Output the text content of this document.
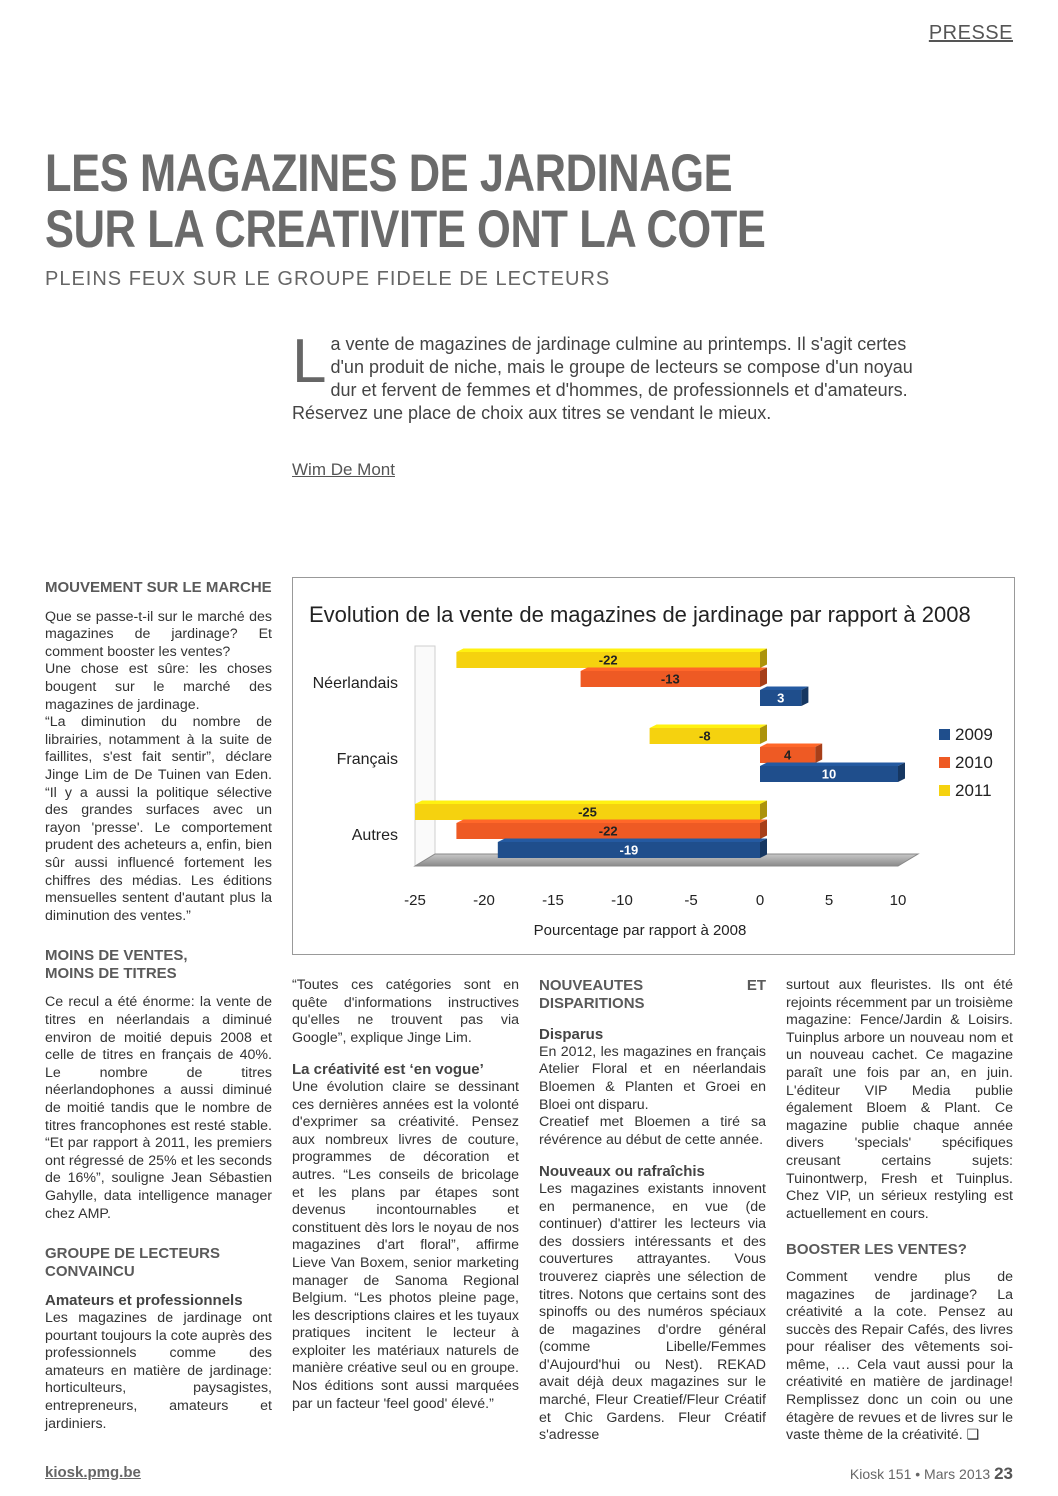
PRESSE
LES MAGAZINES DE JARDINAGE
SUR LA CREATIVITE ONT LA COTE
PLEINS FEUX SUR LE GROUPE FIDELE DE LECTEURS
L a vente de magazines de jardinage culmine au printemps. Il s'agit certes d'un produit de niche, mais le groupe de lecteurs se compose d'un noyau dur et fervent de femmes et d'hommes, de professionnels et d'amateurs. Réservez une place de choix aux titres se vendant le mieux.
Wim De Mont
MOUVEMENT SUR LE MARCHE

Que se passe-t-il sur le marché des magazines de jardinage? Et comment booster les ventes?

Une chose est sûre: les choses bougent sur le marché des magazines de jardinage.

“La diminution du nombre de librairies, notamment à la suite de faillites, s'est fait sentir”, déclare Jinge Lim de De Tuinen van Eden. “Il y a aussi la politique sélective des grandes surfaces avec un rayon 'presse'. Le comportement prudent des acheteurs a, enfin, bien sûr aussi influencé fortement les chiffres des médias. Les éditions mensuelles sentent d'autant plus la diminution des ventes.”

MOINS DE VENTES,
MOINS DE TITRES

Ce recul a été énorme: la vente de titres en néerlandais a diminué environ de moitié depuis 2008 et celle de titres en français de 40%. Le nombre de titres néerlandophones a aussi diminué de moitié tandis que le nombre de titres francophones est resté stable. “Et par rapport à 2011, les premiers ont régressé de 25% et les seconds de 16%”, souligne Jean Sébastien Gahylle, data intelligence manager chez AMP.

GROUPE DE LECTEURS
CONVAINCU
Amateurs et professionnels

Les magazines de jardinage ont pourtant toujours la cote auprès des professionnels comme des amateurs en matière de jardinage: horticulteurs, paysagistes, entrepreneurs, amateurs et jardiniers.

Evolution de la vente de magazines de jardinage par rapport à 2008
-22
-13
3
-8
4
10
-25
-22
-19
Néerlandais
Français
Autres
-25	-20	-15	-10	-5	0	5	10
2009
2010
2011
Pourcentage par rapport à 2008

“Toutes ces catégories sont en quête d'informations instructives qu'elles ne trouvent pas via Google”, explique Jinge Lim.

La créativité est ‘en vogue’

Une évolution claire se dessinant ces dernières années est la volonté d'exprimer sa créativité. Pensez aux nombreux livres de couture, programmes de décoration et autres. “Les conseils de bricolage et les plans par étapes sont devenus incontournables et constituent dès lors le noyau de nos magazines d'art floral”, affirme Lieve Van Boxem, senior marketing manager de Sanoma Regional Belgium. “Les photos pleine page, les descriptions claires et les tuyaux pratiques incitent le lecteur à exploiter les matériaux naturels de manière créative seul ou en groupe. Nos éditions sont aussi marquées par un facteur 'feel good' élevé.”

NOUVEAUTES ET DISPARITIONS
Disparus

En 2012, les magazines en français Atelier Floral et en néerlandais Bloemen & Planten et Groei en Bloei ont disparu.

Creatief met Bloemen a tiré sa révérence au début de cette année.

Nouveaux ou rafraîchis

Les magazines existants innovent en permanence, en vue (de continuer) d'attirer les lecteurs via des dossiers intéressants et des couvertures attrayantes. Vous trouverez ciaprès une sélection de titres. Notons que certains sont des spinoffs ou des numéros spéciaux de magazines d'ordre général (comme Libelle/Femmes d'Aujourd'hui ou Nest). REKAD avait déjà deux magazines sur le marché, Fleur Creatief/Fleur Créatif et Chic Gardens. Fleur Créatif s'adresse

surtout aux fleuristes. Ils ont été rejoints récemment par un troisième magazine: Fence/Jardin & Loisirs. Tuinplus arbore un nouveau nom et un nouveau cachet. Ce magazine paraît une fois par an, en juin. L'éditeur VIP Media publie également Bloem & Plant. Ce magazine publie chaque année divers 'specials' spécifiques creusant certains sujets: Tuinontwerp, Fresh et Tuinplus. Chez VIP, un sérieux restyling est actuellement en cours.

BOOSTER LES VENTES?

Comment vendre plus de magazines de jardinage? La créativité a la cote. Pensez au succès des Repair Cafés, des livres pour réaliser des vêtements soi-même, … Cela vaut aussi pour la créativité en matière de jardinage! Remplissez donc un coin ou une étagère de revues et de livres sur le vaste thème de la créativité. ❑

kiosk.pmg.be	Kiosk 151 • Mars 2013 23
